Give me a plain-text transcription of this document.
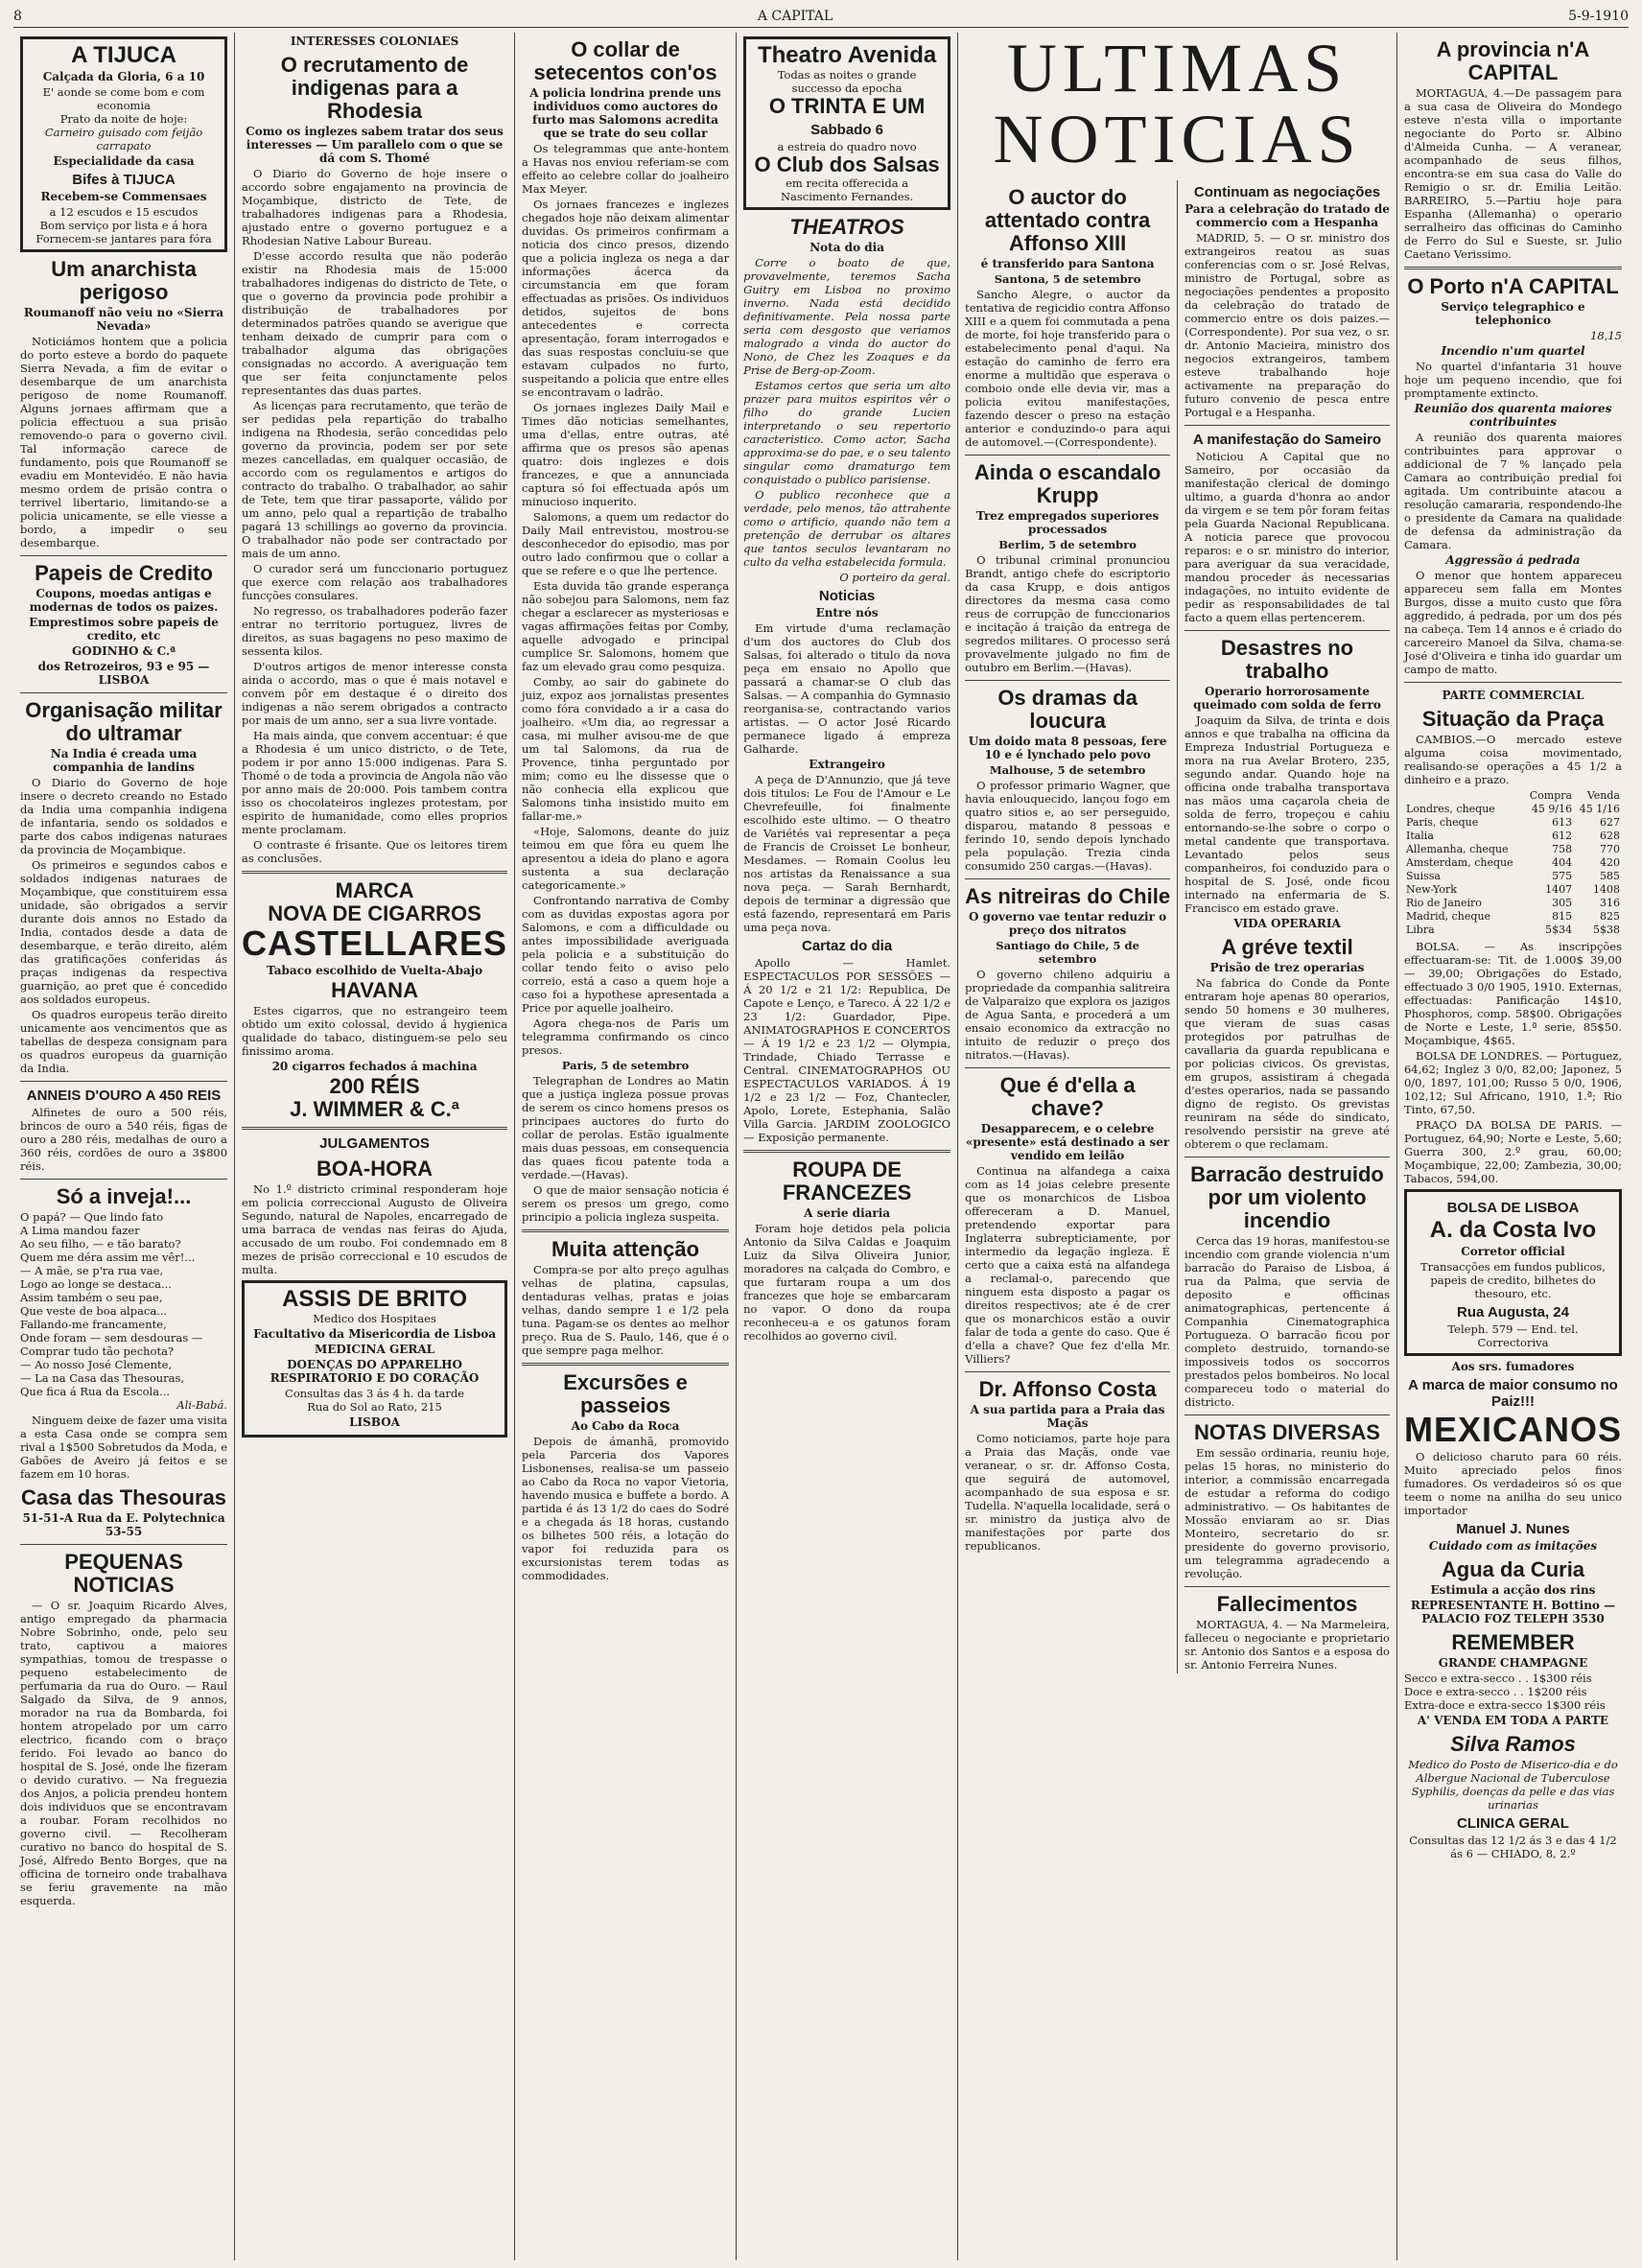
8	A CAPITAL	5-9-1910
A TIJUCA
Calçada da Gloria, 6 a 10
E' aonde se come bom e com economia
Prato da noite de hoje:
Carneiro guisado com feijão carrapato
Especialidade da casa
Bifes à TIJUCA
Recebem-se Commensaes
a 12 escudos e 15 escudos
Bom serviço por lista e á hora
Fornecem-se jantares para fóra
Um anarchista perigoso
Roumanoff não veiu no «Sierra Nevada»

Noticiámos hontem que a policia do porto esteve a bordo do paquete Sierra Nevada, a fim de evitar o desembarque de um anarchista perigoso de nome Roumanoff. Alguns jornaes affirmam que a policia effectuou a sua prisão removendo-o para o governo civil. Tal informação carece de fundamento, pois que Roumanoff se evadiu em Montevidéo. E não havia mesmo ordem de prisão contra o terrivel libertario, limitando-se a policia unicamente, se elle viesse a bordo, a impedir o seu desembarque.

Papeis de Credito
Coupons, moedas antigas e modernas de todos os paizes.
Emprestimos sobre papeis de credito, etc
GODINHO & C.ª
dos Retrozeiros, 93 e 95 — LISBOA
Organisação militar do ultramar
Na India é creada uma companhia de landins

O Diario do Governo de hoje insere o decreto creando no Estado da India uma companhia indigena de infantaria, sendo os soldados e parte dos cabos indigenas naturaes da provincia de Moçambique.

Os primeiros e segundos cabos e soldados indigenas naturaes de Moçambique, que constituirem essa unidade, são obrigados a servir durante dois annos no Estado da India, contados desde a data de desembarque, e terão direito, além das gratificações conferidas ás praças indigenas da respectiva guarnição, ao pret que é concedido aos soldados europeus.

Os quadros europeus terão direito unicamente aos vencimentos que as tabellas de despeza consignam para os quadros europeus da guarnição da India.

ANNEIS D'OURO A 450 REIS

Alfinetes de ouro a 500 réis, brincos de ouro a 540 réis, figas de ouro a 280 réis, medalhas de ouro a 360 réis, cordões de ouro a 3$800 réis.

Só a inveja!...
O papá? — Que lindo fato
A Lima mandou fazer
Ao seu filho, — e tão barato?
Quem me déra assim me vêr!...
— A mãe, se p'ra rua vae,
Logo ao longe se destaca...
Assim também o seu pae,
Que veste de boa alpaca...
Fallando-me francamente,
Onde foram — sem desdouras —
Comprar tudo tão pechota?
— Ao nosso José Clemente,
— La na Casa das Thesouras,
Que fica á Rua da Escola...
Ali-Babá.

Ninguem deixe de fazer uma visita a esta Casa onde se compra sem rival a 1$500 Sobretudos da Moda, e Gabões de Aveiro já feitos e se fazem em 10 horas.

Casa das Thesouras
51-51-A Rua da E. Polytechnica 53-55
PEQUENAS NOTICIAS

— O sr. Joaquim Ricardo Alves, antigo empregado da pharmacia Nobre Sobrinho, onde, pelo seu trato, captivou a maiores sympathias, tomou de trespasse o pequeno estabelecimento de perfumaria da rua do Ouro. — Raul Salgado da Silva, de 9 annos, morador na rua da Bombarda, foi hontem atropelado por um carro electrico, ficando com o braço ferido. Foi levado ao banco do hospital de S. José, onde lhe fizeram o devido curativo. — Na freguezia dos Anjos, a policia prendeu hontem dois individuos que se encontravam a roubar. Foram recolhidos no governo civil. — Recolheram curativo no banco do hospital de S. José, Alfredo Bento Borges, que na officina de torneiro onde trabalhava se feriu gravemente na mão esquerda.

INTERESSES COLONIAES
O recrutamento de indigenas para a Rhodesia
Como os inglezes sabem tratar dos seus interesses — Um parallelo com o que se dá com S. Thomé

O Diario do Governo de hoje insere o accordo sobre engajamento na provincia de Moçambique, districto de Tete, de trabalhadores indigenas para a Rhodesia, ajustado entre o governo portuguez e a Rhodesian Native Labour Bureau.

D'esse accordo resulta que não poderão existir na Rhodesia mais de 15:000 trabalhadores indigenas do districto de Tete, o que o governo da provincia pode prohibir a distribuição de trabalhadores por determinados patrões quando se averigue que tenham deixado de cumprir para com o trabalhador alguma das obrigações consignadas no accordo. A averiguação tem que ser feita conjunctamente pelos representantes das duas partes.

As licenças para recrutamento, que terão de ser pedidas pela repartição do trabalho indigena na Rhodesia, serão concedidas pelo governo da provincia, podem ser por sete mezes cancelladas, em qualquer occasião, de accordo com os regulamentos e artigos do contracto do trabalho. O trabalhador, ao sahir de Tete, tem que tirar passaporte, válido por um anno, pelo qual a repartição de trabalho pagará 13 schillings ao governo da provincia. O trabalhador não pode ser contractado por mais de um anno.

O curador será um funccionario portuguez que exerce com relação aos trabalhadores funcções consulares.

No regresso, os trabalhadores poderão fazer entrar no territorio portuguez, livres de direitos, as suas bagagens no peso maximo de sessenta kilos.

D'outros artigos de menor interesse consta ainda o accordo, mas o que é mais notavel e convem pôr em destaque é o direito dos indigenas a não serem obrigados a contracto por mais de um anno, ser a sua livre vontade.

Ha mais ainda, que convem accentuar: é que a Rhodesia é um unico districto, o de Tete, podem ir por anno 15:000 indigenas. Para S. Thomé o de toda a provincia de Angola não vão por anno mais de 20:000. Pois tambem contra isso os chocolateiros inglezes protestam, por espirito de humanidade, como elles proprios mente proclamam.

O contraste é frisante. Que os leitores tirem as conclusões.

MARCA
NOVA DE CIGARROS
CASTELLARES
Tabaco escolhido de Vuelta-Abajo
HAVANA

Estes cigarros, que no estrangeiro teem obtido um exito colossal, devido á hygienica qualidade do tabaco, distinguem-se pelo seu finissimo aroma.

20 cigarros fechados á machina
200 RÉIS
J. WIMMER & C.ª
JULGAMENTOS
BOA-HORA

No 1.º districto criminal responderam hoje em policia correccional Augusto de Oliveira Segundo, natural de Napoles, encarregado de uma barraca de vendas nas feiras do Ajuda, accusado de um roubo. Foi condemnado em 8 mezes de prisão correccional e 10 escudos de multa.

ASSIS DE BRITO
Medico dos Hospitaes
Facultativo da Misericordia de Lisboa
MEDICINA GERAL
DOENÇAS DO APPARELHO RESPIRATORIO E DO CORAÇÃO
Consultas das 3 ás 4 h. da tarde
Rua do Sol ao Rato, 215
LISBOA
O collar de setecentos con'os
A policia londrina prende uns individuos como auctores do furto mas Salomons acredita que se trate do seu collar

Os telegrammas que ante-hontem a Havas nos enviou referiam-se com effeito ao celebre collar do joalheiro Max Meyer.

Os jornaes francezes e inglezes chegados hoje não deixam alimentar duvidas. Os primeiros confirmam a noticia dos cinco presos, dizendo que a policia ingleza os nega a dar informações ácerca da circumstancia em que foram effectuadas as prisões. Os individuos detidos, sujeitos de bons antecedentes e correcta apresentação, foram interrogados e das suas respostas concluiu-se que estavam culpados no furto, suspeitando a policia que entre elles se encontravam o ladrão.

Os jornaes inglezes Daily Mail e Times dão noticias semelhantes, uma d'ellas, entre outras, até affirma que os presos são apenas quatro: dois inglezes e dois francezes, e que a annunciada captura só foi effectuada após um minucioso inquerito.

Salomons, a quem um redactor do Daily Mail entrevistou, mostrou-se desconhecedor do episodio, mas por outro lado confirmou que o collar a que se refere e o que lhe pertence.

Esta duvida tão grande esperança não sobejou para Salomons, nem faz chegar a esclarecer as mysteriosas e vagas affirmações feitas por Comby, aquelle advogado e principal cumplice Sr. Salomons, homem que faz um elevado grau como pesquiza.

Comby, ao sair do gabinete do juiz, expoz aos jornalistas presentes como fóra convidado a ir a casa do joalheiro. «Um dia, ao regressar a casa, mi mulher avisou-me de que um tal Salomons, da rua de Provence, tinha perguntado por mim; como eu lhe dissesse que o não conhecia ella explicou que Salomons tinha insistido muito em fallar-me.»

«Hoje, Salomons, deante do juiz teimou em que fôra eu quem lhe apresentou a ideia do plano e agora sustenta a sua declaração categoricamente.»

Confrontando narrativa de Comby com as duvidas expostas agora por Salomons, e com a difficuldade ou antes impossibilidade averiguada pela policia e a substituição do collar tendo feito o aviso pelo correio, está a caso a quem hoje a caso foi a hypothese apresentada a Price por aquelle joalheiro.

Agora chega-nos de Paris um telegramma confirmando os cinco presos.

Paris, 5 de setembro

Telegraphan de Londres ao Matin que a justiça ingleza possue provas de serem os cinco homens presos os principaes auctores do furto do collar de perolas. Estão igualmente mais duas pessoas, em consequencia das quaes ficou patente toda a verdade.—(Havas).

O que de maior sensação noticia é serem os presos um grego, como principio a policia ingleza suspeita.

Muita attenção

Compra-se por alto preço agulhas velhas de platina, capsulas, dentaduras velhas, pratas e joias velhas, dando sempre 1 e 1/2 pela tuna. Pagam-se os dentes ao melhor preço. Rua de S. Paulo, 146, que é o que sempre paga melhor.

Excursões e passeios
Ao Cabo da Roca

Depois de ámanhã, promovido pela Parceria dos Vapores Lisbonenses, realisa-se um passeio ao Cabo da Roca no vapor Vietoria, havendo musica e buffete a bordo. A partida é ás 13 1/2 do caes do Sodré e a chegada ás 18 horas, custando os bilhetes 500 réis, a lotação do vapor foi reduzida para os excursionistas terem todas as commodidades.

Theatro Avenida
Todas as noites o grande successo da epocha
O TRINTA E UM
Sabbado 6
a estreia do quadro novo
O Club dos Salsas
em recita offerecida a Nascimento Fernandes.
THEATROS
Nota do dia

Corre o boato de que, provavelmente, teremos Sacha Guitry em Lisboa no proximo inverno. Nada está decidido definitivamente. Pela nossa parte seria com desgosto que veriamos malogrado a vinda do auctor do Nono, de Chez les Zoaques e da Prise de Berg-op-Zoom.

Estamos certos que seria um alto prazer para muitos espiritos vêr o filho do grande Lucien interpretando o seu repertorio caracteristico. Como actor, Sacha approxima-se do pae, e o seu talento singular como dramaturgo tem conquistado o publico parisiense.

O publico reconhece que a verdade, pelo menos, tão attrahente como o artificio, quando não tem a pretenção de derrubar os altares que tantos seculos levantaram no culto da velha estabelecida formula.

O porteiro da geral.
Noticias
Entre nós

Em virtude d'uma reclamação d'um dos auctores do Club dos Salsas, foi alterado o titulo da nova peça em ensaio no Apollo que passará a chamar-se O club das Salsas. — A companhia do Gymnasio reorganisa-se, contractando varios artistas. — O actor José Ricardo permanece ligado á empreza Galharde.

Extrangeiro

A peça de D'Annunzio, que já teve dois titulos: Le Fou de l'Amour e Le Chevrefeuille, foi finalmente escolhido este ultimo. — O theatro de Variétés vai representar a peça de Francis de Croisset Le bonheur, Mesdames. — Romain Coolus leu nos artistas da Renaissance a sua nova peça. — Sarah Bernhardt, depois de terminar a digressão que está fazendo, representará em Paris uma peça nova.

Cartaz do dia

Apollo — Hamlet. ESPECTACULOS POR SESSÕES — Á 20 1/2 e 21 1/2: Republica, De Capote e Lenço, e Tareco. Á 22 1/2 e 23 1/2: Guardador, Pipe. ANIMATOGRAPHOS E CONCERTOS — Á 19 1/2 e 23 1/2 — Olympia, Trindade, Chiado Terrasse e Central. CINEMATOGRAPHOS OU ESPECTACULOS VARIADOS. Á 19 1/2 e 23 1/2 — Foz, Chantecler, Apolo, Lorete, Estephania, Salão Villa Garcia. JARDIM ZOOLOGICO — Exposição permanente.

ROUPA DE FRANCEZES
A serie diaria

Foram hoje detidos pela policia Antonio da Silva Caldas e Joaquim Luiz da Silva Oliveira Junior, moradores na calçada do Combro, e que furtaram roupa a um dos francezes que hoje se embarcaram no vapor. O dono da roupa reconheceu-a e os gatunos foram recolhidos ao governo civil.

ULTIMAS NOTICIAS
O auctor do attentado contra Affonso XIII
é transferido para Santona
Santona, 5 de setembro

Sancho Alegre, o auctor da tentativa de regicidio contra Affonso XIII e a quem foi commutada a pena de morte, foi hoje transferido para o estabelecimento penal d'aqui. Na estação do caminho de ferro era enorme a multidão que esperava o comboio onde elle devia vir, mas a policia evitou manifestações, fazendo descer o preso na estação anterior e conduzindo-o para aqui de automovel.—(Correspondente).

Ainda o escandalo Krupp
Trez empregados superiores processados
Berlim, 5 de setembro

O tribunal criminal pronunciou Brandt, antigo chefe do escriptorio da casa Krupp, e dois antigos directores da mesma casa como reus de corrupção de funccionarios e incitação á traição da entrega de segredos militares. O processo será provavelmente julgado no fim de outubro em Berlim.—(Havas).

Os dramas da loucura
Um doido mata 8 pessoas, fere 10 e é lynchado pelo povo
Malhouse, 5 de setembro

O professor primario Wagner, que havia enlouquecido, lançou fogo em quatro sitios e, ao ser perseguido, disparou, matando 8 pessoas e ferindo 10, sendo depois lynchado pela população. Trezia cinda consumido 250 cargas.—(Havas).

As nitreiras do Chile
O governo vae tentar reduzir o preço dos nitratos
Santiago do Chile, 5 de setembro

O governo chileno adquiriu a propriedade da companhia salitreira de Valparaizo que explora os jazigos de Agua Santa, e procederá a um ensaio economico da extracção no intuito de reduzir o preço dos nitratos.—(Havas).

Que é d'ella a chave?
Desapparecem, e o celebre «presente» está destinado a ser vendido em leilão

Continua na alfandega a caixa com as 14 joias celebre presente que os monarchicos de Lisboa offereceram a D. Manuel, pretendendo exportar para Inglaterra subrepticiamente, por intermedio da legação ingleza. É certo que a caixa está na alfandega a reclamal-o, parecendo que ninguem esta disposto a pagar os direitos respectivos; ate é de crer que os monarchicos estão a ouvir falar de toda a gente do caso. Que é d'ella a chave? Que fez d'ella Mr. Villiers?

Dr. Affonso Costa
A sua partida para a Praia das Maçãs

Como noticiamos, parte hoje para a Praia das Maçãs, onde vae veranear, o sr. dr. Affonso Costa, que seguirá de automovel, acompanhado de sua esposa e sr. Tudella. N'aquella localidade, será o sr. ministro da justiça alvo de manifestações por parte dos republicanos.

Continuam as negociações
Para a celebração do tratado de commercio com a Hespanha

MADRID, 5. — O sr. ministro dos extrangeiros reatou as suas conferencias com o sr. José Relvas, ministro de Portugal, sobre as negociações pendentes a proposito da celebração do tratado de commercio entre os dois paizes.—(Correspondente). Por sua vez, o sr. dr. Antonio Macieira, ministro dos negocios extrangeiros, tambem esteve trabalhando hoje activamente na preparação do futuro convenio de pesca entre Portugal e a Hespanha.

A manifestação do Sameiro

Noticiou A Capital que no Sameiro, por occasião da manifestação clerical de domingo ultimo, a guarda d'honra ao andor da virgem e se tem pôr foram feitas pela Guarda Nacional Republicana. A noticia parece que provocou reparos: e o sr. ministro do interior, para averiguar da sua veracidade, mandou proceder ás necessarias indagações, no intuito evidente de pedir as responsabilidades de tal facto a quem ellas pertencerem.

Desastres no trabalho
Operario horrorosamente queimado com solda de ferro

Joaquim da Silva, de trinta e dois annos e que trabalha na officina da Empreza Industrial Portugueza e mora na rua Avelar Brotero, 235, segundo andar. Quando hoje na officina onde trabalha transportava nas mãos uma caçarola cheia de solda de ferro, tropeçou e cahiu entornando-se-lhe sobre o corpo o metal candente que transportava. Levantado pelos seus companheiros, foi conduzido para o hospital de S. José, onde ficou internado na enfermaria de S. Francisco em estado grave.

VIDA OPERARIA
A gréve textil
Prisão de trez operarias

Na fabrica do Conde da Ponte entraram hoje apenas 80 operarios, sendo 50 homens e 30 mulheres, que vieram de suas casas protegidos por patrulhas de cavallaria da guarda republicana e por policias civicos. Os grevistas, em grupos, assistiram á chegada d'estes operarios, nada se passando digno de registo. Os grevistas reuniram na séde do sindicato, resolvendo persistir na greve até obterem o que reclamam.

Barracão destruido por um violento incendio

Cerca das 19 horas, manifestou-se incendio com grande violencia n'um barracão do Paraiso de Lisboa, á rua da Palma, que servia de deposito e officinas animatographicas, pertencente á Companhia Cinematographica Portugueza. O barracão ficou por completo destruido, tornando-se impossiveis todos os soccorros prestados pelos bombeiros. No local compareceu todo o material do districto.

NOTAS DIVERSAS

Em sessão ordinaria, reuniu hoje, pelas 15 horas, no ministerio do interior, a commissão encarregada de estudar a reforma do codigo administrativo. — Os habitantes de Mossão enviaram ao sr. Dias Monteiro, secretario do sr. presidente do governo provisorio, um telegramma agradecendo a revolução.

Fallecimentos

MORTAGUA, 4. — Na Marmeleira, falleceu o negociante e proprietario sr. Antonio dos Santos e a esposa do sr. Antonio Ferreira Nunes.

A provincia n'A CAPITAL

MORTAGUA, 4.—De passagem para a sua casa de Oliveira do Mondego esteve n'esta villa o importante negociante do Porto sr. Albino d'Almeida Cunha. — A veranear, acompanhado de seus filhos, encontra-se em sua casa do Valle do Remigio o sr. dr. Emilia Leitão. BARREIRO, 5.—Partiu hoje para Espanha (Allemanha) o operario serralheiro das officinas do Caminho de Ferro do Sul e Sueste, sr. Julio Caetano Verissimo.

O Porto n'A CAPITAL
Serviço telegraphico e telephonico
18,15
Incendio n'um quartel

No quartel d'infantaria 31 houve hoje um pequeno incendio, que foi promptamente extincto.

Reunião dos quarenta maiores contribuintes

A reunião dos quarenta maiores contribuintes para approvar o addicional de 7 % lançado pela Camara ao contribuição predial foi agitada. Um contribuinte atacou a resolução camararia, respondendo-lhe o presidente da Camara na qualidade de defensa da administração da Camara.

Aggressão á pedrada

O menor que hontem appareceu appareceu sem falla em Montes Burgos, disse a muito custo que fôra aggredido, á pedrada, por um dos pés na cabeça. Tem 14 annos e é criado do carcereiro Manoel da Silva, chama-se José d'Oliveira e tinha ido guardar um campo de matto.

PARTE COMMERCIAL
Situação da Praça

CAMBIOS.—O mercado esteve alguma coisa movimentado, realisando-se operações a 45 1/2 a dinheiro e a prazo.

	Compra	Venda
Londres, cheque	45 9/16	45 1/16
Paris, cheque	613	627
Italia	612	628
Allemanha, cheque	758	770
Amsterdam, cheque	404	420
Suissa	575	585
New-York	1407	1408
Rio de Janeiro	305	316
Madrid, cheque	815	825
Libra	5$34	5$38

BOLSA. — As inscripções effectuaram-se: Tit. de 1.000$ 39,00 — 39,00; Obrigações do Estado, effectuado 3 0/0 1905, 1910. Externas, effectuadas: Panificação 14$10, Phosphoros, comp. 58$00. Obrigações de Norte e Leste, 1.ª serie, 85$50. Moçambique, 4$65.

BOLSA DE LONDRES. — Portuguez, 64,62; Inglez 3 0/0, 82,00; Japonez, 5 0/0, 1897, 101,00; Russo 5 0/0, 1906, 102,12; Sul Africano, 1910, 1.ª; Rio Tinto, 67,50.

PRAÇO DA BOLSA DE PARIS. — Portuguez, 64,90; Norte e Leste, 5,60; Guerra 300, 2.º grau, 60,00; Moçambique, 22,00; Zambezia, 30,00; Tabacos, 594,00.

BOLSA DE LISBOA
A. da Costa Ivo
Corretor official
Transacções em fundos publicos, papeis de credito, bilhetes do thesouro, etc.
Rua Augusta, 24
Teleph. 579 — End. tel. Correctoriva
Aos srs. fumadores
A marca de maior consumo no Paiz!!!
MEXICANOS

O delicioso charuto para 60 réis. Muito apreciado pelos finos fumadores. Os verdadeiros só os que teem o nome na anilha do seu unico importador

Manuel J. Nunes
Cuidado com as imitações
Agua da Curia
Estimula a acção dos rins
REPRESENTANTE H. Bottino — PALACIO FOZ TELEPH 3530
REMEMBER
GRANDE CHAMPAGNE
Secco e extra-secco . . 1$300 réis
Doce e extra-secco . . 1$200 réis
Extra-doce e extra-secco 1$300 réis
A' VENDA EM TODA A PARTE
Silva Ramos
Medico do Posto de Miserico-dia e do Albergue Nacional de Tuberculose
Syphilis, doenças da pelle e das vias urinarias
CLINICA GERAL
Consultas das 12 1/2 ás 3 e das 4 1/2 ás 6 — CHIADO, 8, 2.º
